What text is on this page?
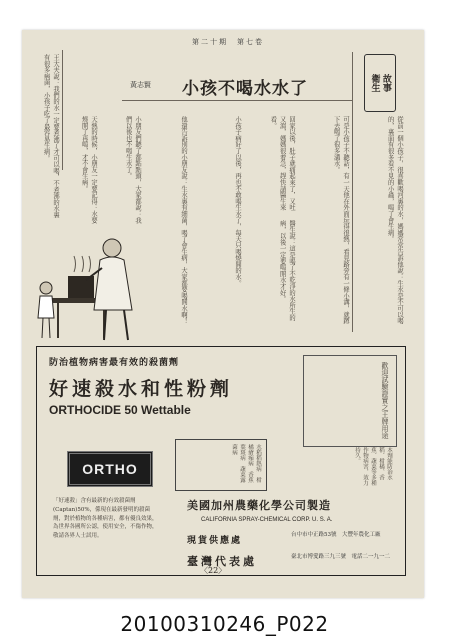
第二十期　第七卷
衛生 故事
小孩不喝水水了
黃志賢
從前一個小孩子，很喜歡喝河裏的水，媽媽常常告訴他說：生水是不可以喝的，裏面有很多看不見的小蟲，喝了會生病。
可是小孩子不聽話，有一天他在外面玩得很熱，看見路旁有一條小溝，就蹲下去喝了很多溝水。
回家以後，肚子就痛起來了，又吐又瀉，媽媽很着急，趕快請醫生來看。
醫生說：這是喝了不乾淨的水所生的病，以後一定要喝開水才好。
小孩子病好了以後，再也不敢喝生水了，每天只喝燒開的水。
他還告訴別的小朋友說：生水裏有細菌，喝了會生病，大家都要喝開水啊！
小朋友們聽了都點點頭，大家都說：我們以後也不喝生水了。
天熱的時候，小朋友一定要記得：水要燒開了再喝，才不會生病。
王大夫說：我們的水一定要煮沸了才可以喝，不煮沸的水裏有很多病菌，小孩子吃了最容易生病。
防治植物病害最有效的殺菌劑
好速殺水和性粉劑
ORTHOCIDE 50 Wettable	歡迎試驗證實之王牌用途
ORTHO	水稻稻熱病　柑橘瘡痂病　香蕉葉斑病　蔬菜露菌病	本劑能防治水稻、柑橘、香蕉、蔬菜等多種作物病害，效力持久。
「好速殺」含有最新的有效殺菌劑(Captan)50%，係現在最新發明的殺菌劑，對於植物的各種病害，都有優良效果，為世界各國所公認，使用安全，不傷作物，敬請各界人士試用。
美國加州農藥化學公司製造
CALIFORNIA SPRAY-CHEMICAL CORP. U. S. A.
現貨供應處
台中市中正路53號　大豐年農化工廠
臺灣代表處	臺北市博愛路三九三號　電話二一九一二
〈22〉
20100310246_P022
